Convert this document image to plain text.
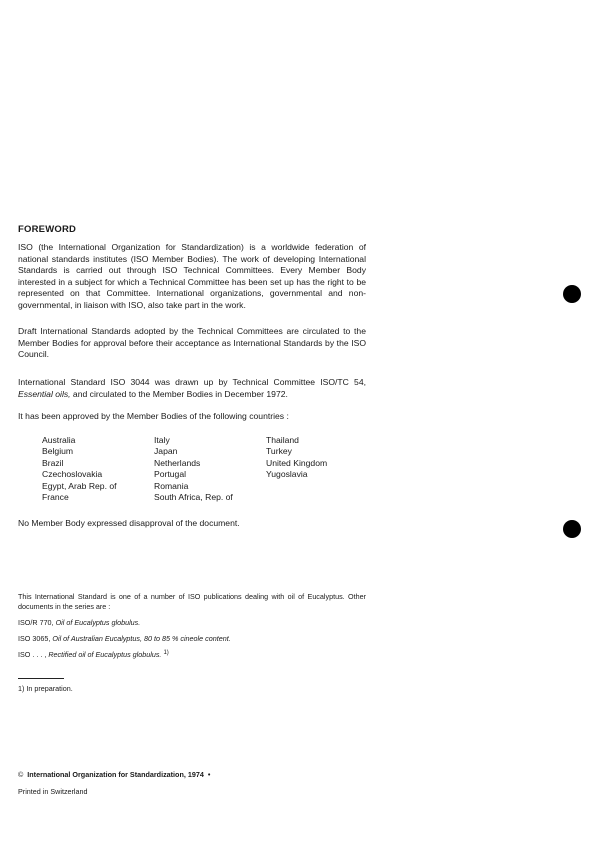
FOREWORD
ISO (the International Organization for Standardization) is a worldwide federation of national standards institutes (ISO Member Bodies). The work of developing International Standards is carried out through ISO Technical Committees. Every Member Body interested in a subject for which a Technical Committee has been set up has the right to be represented on that Committee. International organizations, governmental and non-governmental, in liaison with ISO, also take part in the work.
Draft International Standards adopted by the Technical Committees are circulated to the Member Bodies for approval before their acceptance as International Standards by the ISO Council.
International Standard ISO 3044 was drawn up by Technical Committee ISO/TC 54, Essential oils, and circulated to the Member Bodies in December 1972.
It has been approved by the Member Bodies of the following countries :
Australia
Belgium
Brazil
Czechoslovakia
Egypt, Arab Rep. of
France
Italy
Japan
Netherlands
Portugal
Romania
South Africa, Rep. of
Thailand
Turkey
United Kingdom
Yugoslavia
No Member Body expressed disapproval of the document.
This International Standard is one of a number of ISO publications dealing with oil of Eucalyptus. Other documents in the series are :
ISO/R 770, Oil of Eucalyptus globulus.
ISO 3065, Oil of Australian Eucalyptus, 80 to 85 % cineole content.
ISO . . . , Rectified oil of Eucalyptus globulus. $^{1)}$
1) In preparation.
© International Organization for Standardization, 1974 •
Printed in Switzerland
